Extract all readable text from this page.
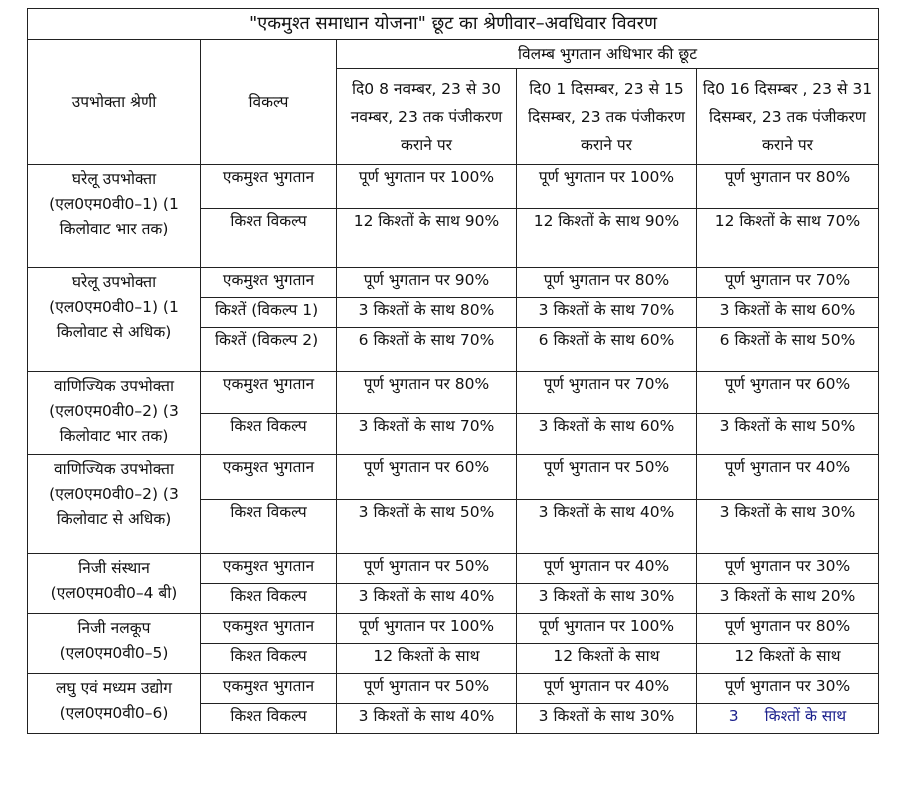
"एकमुश्त समाधान योजना" छूट का श्रेणीवार–अवधिवार विवरण				
उपभोक्ता श्रेणी	विकल्प	विलम्ब भुगतान अधिभार की छूट		
		दि0 8 नवम्बर, 23 से 30 नवम्बर, 23 तक पंजीकरण कराने पर	दि0 1 दिसम्बर, 23 से 15 दिसम्बर, 23 तक पंजीकरण कराने पर	दि0 16 दिसम्बर , 23 से 31 दिसम्बर, 23 तक पंजीकरण कराने पर
घरेलू उपभोक्ता (एल0एम0वी0–1) (1 किलोवाट भार तक)	एकमुश्त भुगतान	पूर्ण भुगतान पर 100%	पूर्ण भुगतान पर 100%	पूर्ण भुगतान पर 80%
	किश्त विकल्प	12 किश्तों के साथ 90%	12 किश्तों के साथ 90%	12 किश्तों के साथ 70%
घरेलू उपभोक्ता (एल0एम0वी0–1) (1 किलोवाट से अधिक)	एकमुश्त भुगतान	पूर्ण भुगतान पर 90%	पूर्ण भुगतान पर 80%	पूर्ण भुगतान पर 70%
	किश्तें (विकल्प 1)	3 किश्तों के साथ 80%	3 किश्तों के साथ 70%	3 किश्तों के साथ 60%
	किश्तें (विकल्प 2)	6 किश्तों के साथ 70%	6 किश्तों के साथ 60%	6 किश्तों के साथ 50%
वाणिज्यिक उपभोक्ता (एल0एम0वी0–2) (3 किलोवाट भार तक)	एकमुश्त भुगतान	पूर्ण भुगतान पर 80%	पूर्ण भुगतान पर 70%	पूर्ण भुगतान पर 60%
	किश्त विकल्प	3 किश्तों के साथ 70%	3 किश्तों के साथ 60%	3 किश्तों के साथ 50%
वाणिज्यिक उपभोक्ता (एल0एम0वी0–2) (3 किलोवाट से अधिक)	एकमुश्त भुगतान	पूर्ण भुगतान पर 60%	पूर्ण भुगतान पर 50%	पूर्ण भुगतान पर 40%
	किश्त विकल्प	3 किश्तों के साथ 50%	3 किश्तों के साथ 40%	3 किश्तों के साथ 30%
निजी संस्थान (एल0एम0वी0–4 बी)	एकमुश्त भुगतान	पूर्ण भुगतान पर 50%	पूर्ण भुगतान पर 40%	पूर्ण भुगतान पर 30%
	किश्त विकल्प	3 किश्तों के साथ 40%	3 किश्तों के साथ 30%	3 किश्तों के साथ 20%
निजी नलकूप (एल0एम0वी0–5)	एकमुश्त भुगतान	पूर्ण भुगतान पर 100%	पूर्ण भुगतान पर 100%	पूर्ण भुगतान पर 80%
	किश्त विकल्प	12 किश्तों के साथ	12 किश्तों के साथ	12 किश्तों के साथ
लघु एवं मध्यम उद्योग (एल0एम0वी0–6)	एकमुश्त भुगतान	पूर्ण भुगतान पर 50%	पूर्ण भुगतान पर 40%	पूर्ण भुगतान पर 30%
	किश्त विकल्प	3 किश्तों के साथ 40%	3 किश्तों के साथ 30%	3 किश्तों के साथ
